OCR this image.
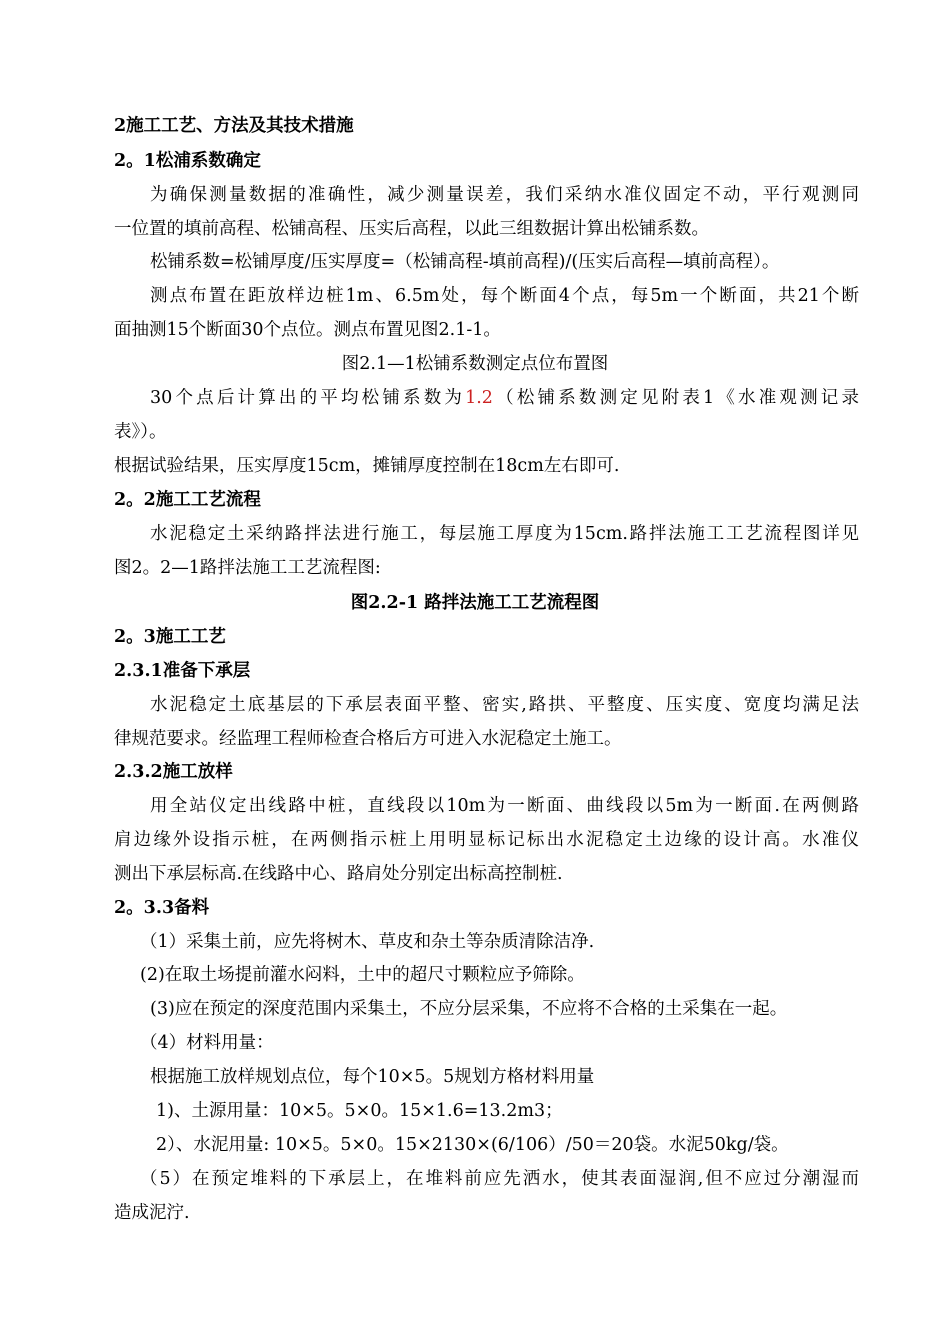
2施工工艺、方法及其技术措施
2。1松浦系数确定
为确保测量数据的准确性，减少测量误差，我们采纳水准仪固定不动，平行观测同
一位置的填前高程、松铺高程、压实后高程，以此三组数据计算出松铺系数。
松铺系数=松铺厚度/压实厚度=（松铺高程-填前高程)/(压实后高程—填前高程）。
测点布置在距放样边桩1m、6.5m处，每个断面4个点，每5m一个断面，共21个断
面抽测15个断面30个点位。测点布置见图2.1-1。
图2.1—1松铺系数测定点位布置图
30个点后计算出的平均松铺系数为1.2（松铺系数测定见附表1《水准观测记录
表》）。
根据试验结果，压实厚度15cm，摊铺厚度控制在18cm左右即可.
2。2施工工艺流程
水泥稳定土采纳路拌法进行施工，每层施工厚度为15cm.路拌法施工工艺流程图详见
图2。2—1路拌法施工工艺流程图:
图2.2-1 路拌法施工工艺流程图
2。3施工工艺
2.3.1准备下承层
水泥稳定土底基层的下承层表面平整、密实,路拱、平整度、压实度、宽度均满足法
律规范要求。经监理工程师检查合格后方可进入水泥稳定土施工。
2.3.2施工放样
用全站仪定出线路中桩，直线段以10m为一断面、曲线段以5m为一断面.在两侧路
肩边缘外设指示桩，在两侧指示桩上用明显标记标出水泥稳定土边缘的设计高。水准仪
测出下承层标高.在线路中心、路肩处分别定出标高控制桩.
2。3.3备料
（1）采集土前，应先将树木、草皮和杂土等杂质清除洁净.
(2)在取土场提前灌水闷料，土中的超尺寸颗粒应予筛除。
(3)应在预定的深度范围内采集土，不应分层采集，不应将不合格的土采集在一起。
（4）材料用量：
根据施工放样规划点位，每个10×5。5规划方格材料用量
1)、土源用量：10×5。5×0。15×1.6=13.2m3；
2）、水泥用量: 10×5。5×0。15×2130×(6/106）/50＝20袋。水泥50kg/袋。
（5）在预定堆料的下承层上，在堆料前应先洒水，使其表面湿润,但不应过分潮湿而
造成泥泞.
